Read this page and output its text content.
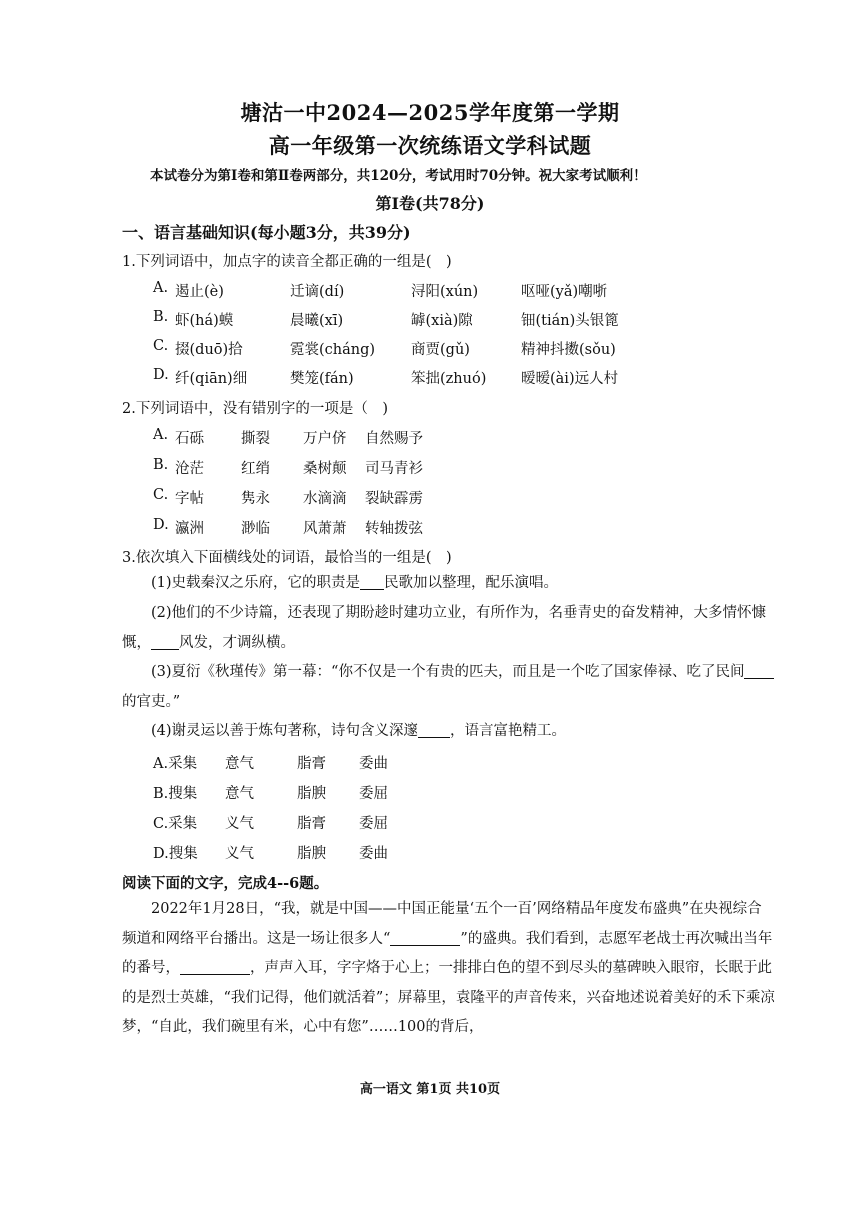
塘沽一中2024—2025学年度第一学期
高一年级第一次统练语文学科试题
本试卷分为第Ⅰ卷和第Ⅱ卷两部分，共120分，考试用时70分钟。祝大家考试顺利！
第Ⅰ卷(共78分)
一、语言基础知识(每小题3分，共39分)
1.下列词语中，加点字的读音全都正确的一组是(　)
A. 遏止(è)	迁谪(dí)	浔阳(xún)	呕哑(yǎ)嘲哳
B. 虾(há)蟆	晨曦(xī)	罅(xià)隙	钿(tián)头银篦
C. 掇(duō)拾	霓裳(cháng) 商贾(gǔ)	精神抖擞(sǒu)
D. 纤(qiān)细	樊笼(fán)	笨拙(zhuó) 暧暧(ài)远人村
2.下列词语中，没有错别字的一项是（　)
A. 石砾	撕裂 万户侪 自然赐予
B. 沧茫	红绡 桑树颠 司马青衫
C. 字帖	隽永 水滴滴 裂缺霹雳
D. 瀛洲	渺临 风萧萧 转轴拨弦
3.依次填入下面横线处的词语，最恰当的一组是(　)
(1)史载秦汉之乐府，它的职责是 民歌加以整理，配乐演唱。
(2)他们的不少诗篇，还表现了期盼趁时建功立业，有所作为，名垂青史的奋发精神，大多情怀慷慨， 风发，才调纵横。
(3)夏衍《秋瑾传》第一幕：“你不仅是一个有贵的匹夫，而且是一个吃了国家俸禄、吃了民间的官吏。”
(4)谢灵运以善于炼句著称，诗句含义深邃 ，语言富艳精工。
A.采集 意气	脂膏 委曲
B.搜集 意气	脂腴 委屈
C.采集 义气	脂膏 委屈
D.搜集 义气	脂腴 委曲
阅读下面的文字，完成4--6题。
2022年1月28日，“我，就是中国——中国正能量‘五个一百’网络精品年度发布盛典”在央视综合频道和网络平台播出。这是一场让很多人“	”的盛典。我们看到，志愿军老战士再次喊出当年的番号，	，声声入耳，字字烙于心上；一排排白色的望不到尽头的墓碑映入眼帘，长眠于此的是烈士英雄，“我们记得，他们就活着”；屏幕里，袁隆平的声音传来，兴奋地述说着美好的禾下乘凉梦，“自此，我们碗里有米，心中有您”……100的背后，
高一语文 第1页 共10页
